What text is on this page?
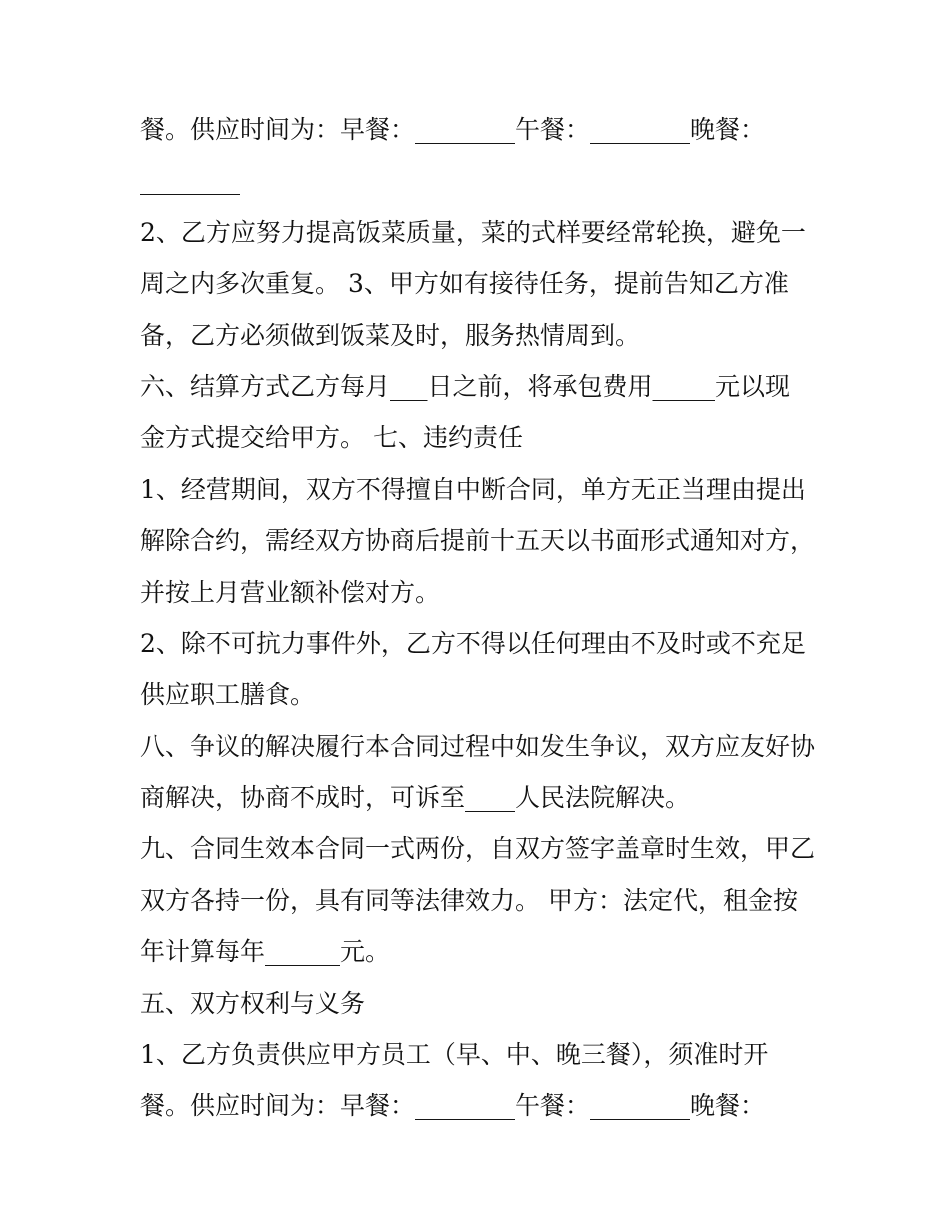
餐。供应时间为：早餐：________午餐：________晚餐：
________
2、乙方应努力提高饭菜质量，菜的式样要经常轮换，避免一
周之内多次重复。 3、甲方如有接待任务，提前告知乙方准
备，乙方必须做到饭菜及时，服务热情周到。
六、结算方式乙方每月___日之前，将承包费用_____元以现
金方式提交给甲方。 七、违约责任
1、经营期间，双方不得擅自中断合同，单方无正当理由提出
解除合约，需经双方协商后提前十五天以书面形式通知对方，
并按上月营业额补偿对方。
2、除不可抗力事件外，乙方不得以任何理由不及时或不充足
供应职工膳食。
八、争议的解决履行本合同过程中如发生争议，双方应友好协
商解决，协商不成时，可诉至____人民法院解决。
九、合同生效本合同一式两份，自双方签字盖章时生效，甲乙
双方各持一份，具有同等法律效力。 甲方：法定代，租金按
年计算每年______元。
五、双方权利与义务
1、乙方负责供应甲方员工（早、中、晚三餐），须准时开
餐。供应时间为：早餐：________午餐：________晚餐：
